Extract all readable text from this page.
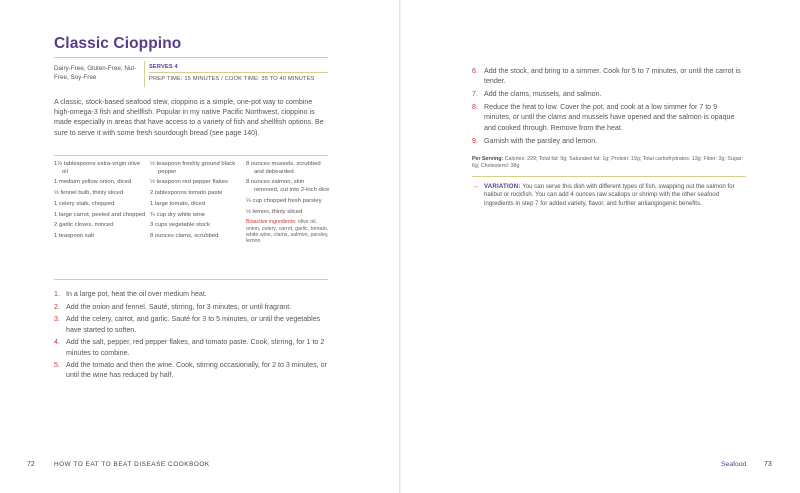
Classic Cioppino
Dairy-Free, Gluten-Free, Nut-Free, Soy-Free
SERVES 4
PREP TIME: 15 MINUTES / COOK TIME: 35 TO 40 MINUTES

A classic, stock-based seafood stew, cioppino is a simple, one-pot way to combine high-omega-3 fish and shellfish. Popular in my native Pacific Northwest, cioppino is made especially in areas that have access to a variety of fish and shellfish options. Be sure to serve it with some fresh sourdough bread (see page 140).

1½ tablespoons extra-virgin olive oil
1 medium yellow onion, diced
½ fennel bulb, thinly sliced
1 celery stalk, chopped
1 large carrot, peeled and chopped
2 garlic cloves, minced
1 teaspoon salt
½ teaspoon freshly ground black pepper
½ teaspoon red pepper flakes
2 tablespoons tomato paste
1 large tomato, diced
¾ cup dry white wine
3 cups vegetable stock
8 ounces clams, scrubbed
8 ounces mussels, scrubbed and debearded
8 ounces salmon, skin removed, cut into 2-inch dice
¼ cup chopped fresh parsley
½ lemon, thinly sliced
Bioactive ingredients: olive oil, onion, celery, carrot, garlic, tomato, white wine, clams, salmon, parsley, lemon
1. In a large pot, heat the oil over medium heat.
2. Add the onion and fennel. Sauté, stirring, for 3 minutes, or until fragrant.
3. Add the celery, carrot, and garlic. Sauté for 3 to 5 minutes, or until the vegetables have started to soften.
4. Add the salt, pepper, red pepper flakes, and tomato paste. Cook, stirring, for 1 to 2 minutes to combine.
5. Add the tomato and then the wine. Cook, stirring occasionally, for 2 to 3 minutes, or until the wine has reduced by half.
72	HOW TO EAT TO BEAT DISEASE COOKBOOK
6. Add the stock, and bring to a simmer. Cook for 5 to 7 minutes, or until the carrot is tender.
7. Add the clams, mussels, and salmon.
8. Reduce the heat to low. Cover the pot, and cook at a low simmer for 7 to 9 minutes, or until the clams and mussels have opened and the salmon is opaque and cooked through. Remove from the heat.
9. Garnish with the parsley and lemon.
Per Serving: Calories: 229; Total fat: 9g; Saturated fat: 1g; Protein: 19g; Total carbohydrates: 13g; Fiber: 3g; Sugar: 6g; Cholesterol: 38g
→ VARIATION: You can serve this dish with different types of fish, swapping out the salmon for halibut or rockfish. You can add 4 ounces raw scallops or shrimp with the other seafood ingredients in step 7 for added variety, flavor, and further antiangiogenic benefits.
Seafood	73
